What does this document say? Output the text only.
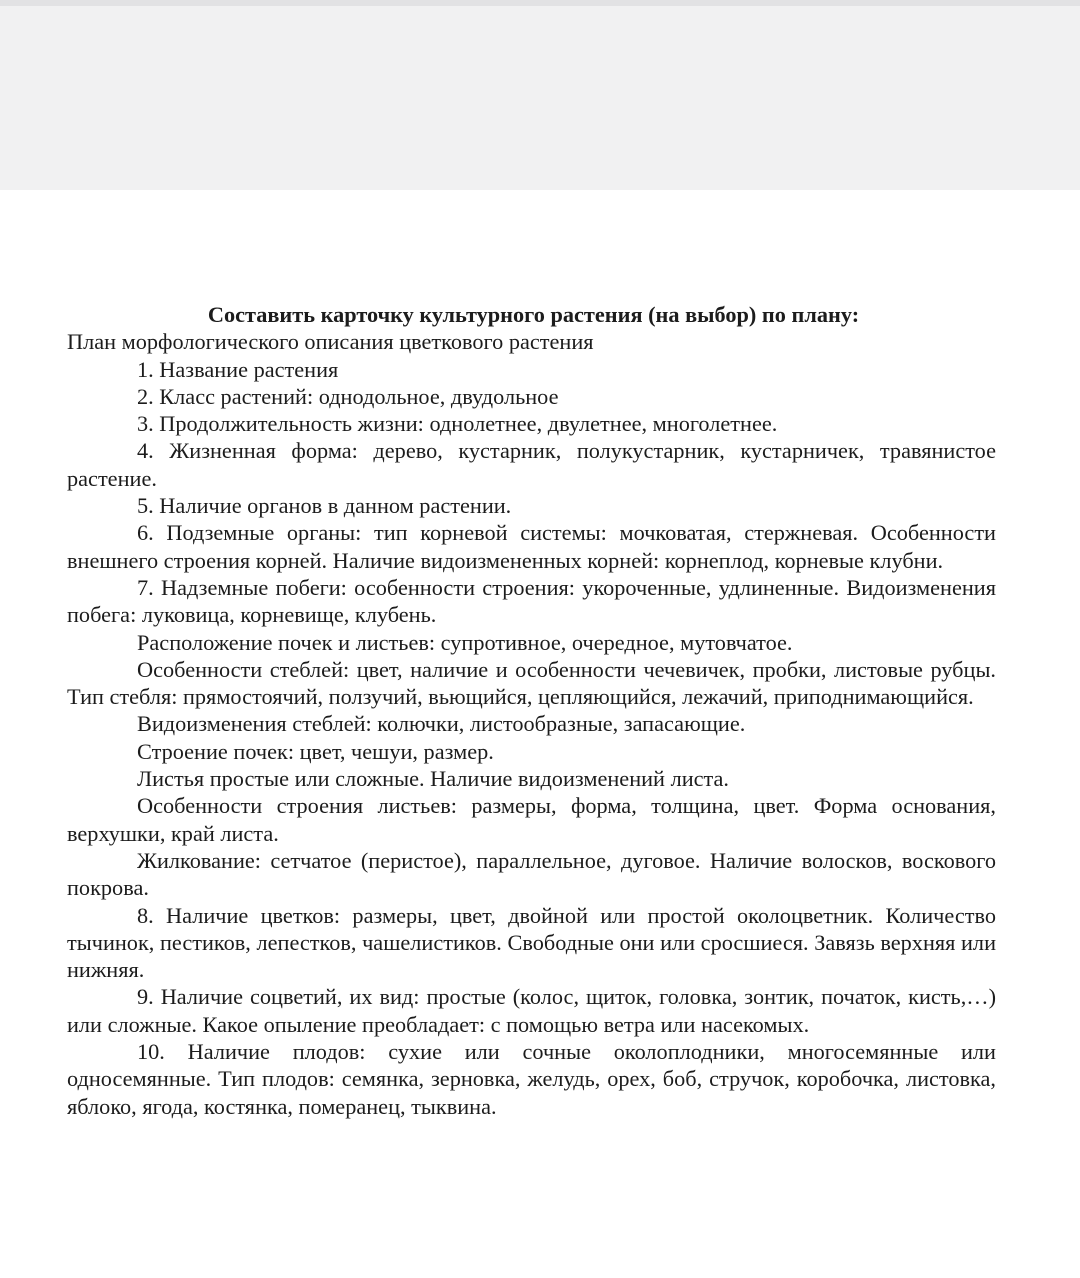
Составить карточку культурного растения (на выбор) по плану:

План морфологического описания цветкового растения

1. Название растения

2. Класс растений: однодольное, двудольное

3. Продолжительность жизни: однолетнее, двулетнее, многолетнее.

4. Жизненная форма: дерево, кустарник, полукустарник, кустарничек, травянистое растение.

5. Наличие органов в данном растении.

6. Подземные органы: тип корневой системы: мочковатая, стержневая. Особенности внешнего строения корней. Наличие видоизмененных корней: корнеплод, корневые клубни.

7. Надземные побеги: особенности строения: укороченные, удлиненные. Видоизменения побега: луковица, корневище, клубень.

Расположение почек и листьев: супротивное, очередное, мутовчатое.

Особенности стеблей: цвет, наличие и особенности чечевичек, пробки, листовые рубцы. Тип стебля: прямостоячий, ползучий, вьющийся, цепляющийся, лежачий, приподнимающийся.

Видоизменения стеблей: колючки, листообразные, запасающие.

Строение почек: цвет, чешуи, размер.

Листья простые или сложные. Наличие видоизменений листа.

Особенности строения листьев: размеры, форма, толщина, цвет. Форма основания, верхушки, край листа.

Жилкование: сетчатое (перистое), параллельное, дуговое. Наличие волосков, воскового покрова.

8. Наличие цветков: размеры, цвет, двойной или простой околоцветник. Количество тычинок, пестиков, лепестков, чашелистиков. Свободные они или сросшиеся. Завязь верхняя или нижняя.

9. Наличие соцветий, их вид: простые (колос, щиток, головка, зонтик, початок, кисть,…) или сложные. Какое опыление преобладает: с помощью ветра или насекомых.

10. Наличие плодов: сухие или сочные околоплодники, многосемянные или односемянные. Тип плодов: семянка, зерновка, желудь, орех, боб, стручок, коробочка, листовка, яблоко, ягода, костянка, померанец, тыквина.
